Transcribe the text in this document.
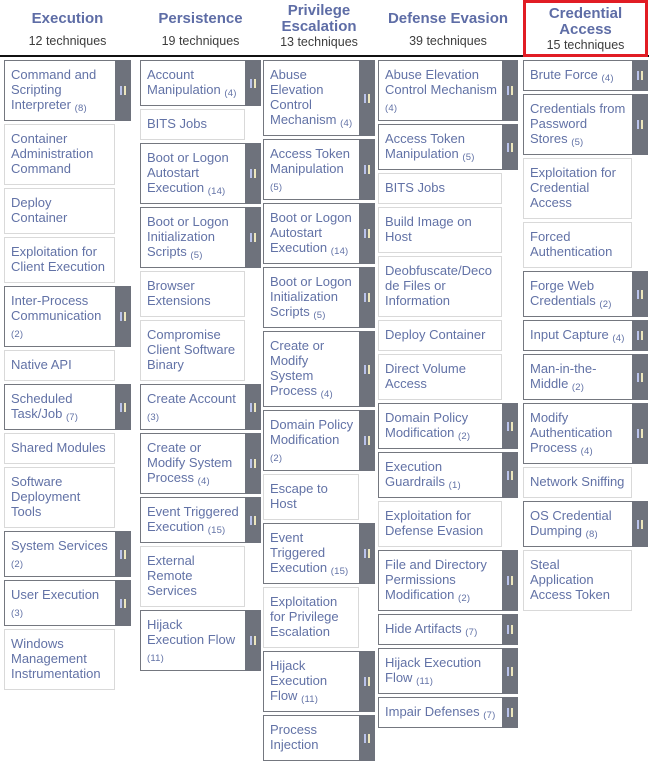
Execution
12 techniques
Command and Scripting Interpreter (8)
Container Administration Command
Deploy Container
Exploitation for Client Execution
Inter-Process Communication (2)
Native API
Scheduled Task/Job (7)
Shared Modules
Software Deployment Tools
System Services (2)
User Execution (3)
Windows Management Instrumentation
Persistence
19 techniques
Account Manipulation (4)
BITS Jobs
Boot or Logon Autostart Execution (14)
Boot or Logon Initialization Scripts (5)
Browser Extensions
Compromise Client Software Binary
Create Account (3)
Create or Modify System Process (4)
Event Triggered Execution (15)
External Remote Services
Hijack Execution Flow (11)
Privilege Escalation
13 techniques
Abuse Elevation Control Mechanism (4)
Access Token Manipulation (5)
Boot or Logon Autostart Execution (14)
Boot or Logon Initialization Scripts (5)
Create or Modify System Process (4)
Domain Policy Modification (2)
Escape to Host
Event Triggered Execution (15)
Exploitation for Privilege Escalation
Hijack Execution Flow (11)
Process Injection
Defense Evasion
39 techniques
Abuse Elevation Control Mechanism (4)
Access Token Manipulation (5)
BITS Jobs
Build Image on Host
Deobfuscate/Decode Files or Information
Deploy Container
Direct Volume Access
Domain Policy Modification (2)
Execution Guardrails (1)
Exploitation for Defense Evasion
File and Directory Permissions Modification (2)
Hide Artifacts (7)
Hijack Execution Flow (11)
Impair Defenses (7)
Credential Access
15 techniques
Brute Force (4)
Credentials from Password Stores (5)
Exploitation for Credential Access
Forced Authentication
Forge Web Credentials (2)
Input Capture (4)
Man-in-the-Middle (2)
Modify Authentication Process (4)
Network Sniffing
OS Credential Dumping (8)
Steal Application Access Token
